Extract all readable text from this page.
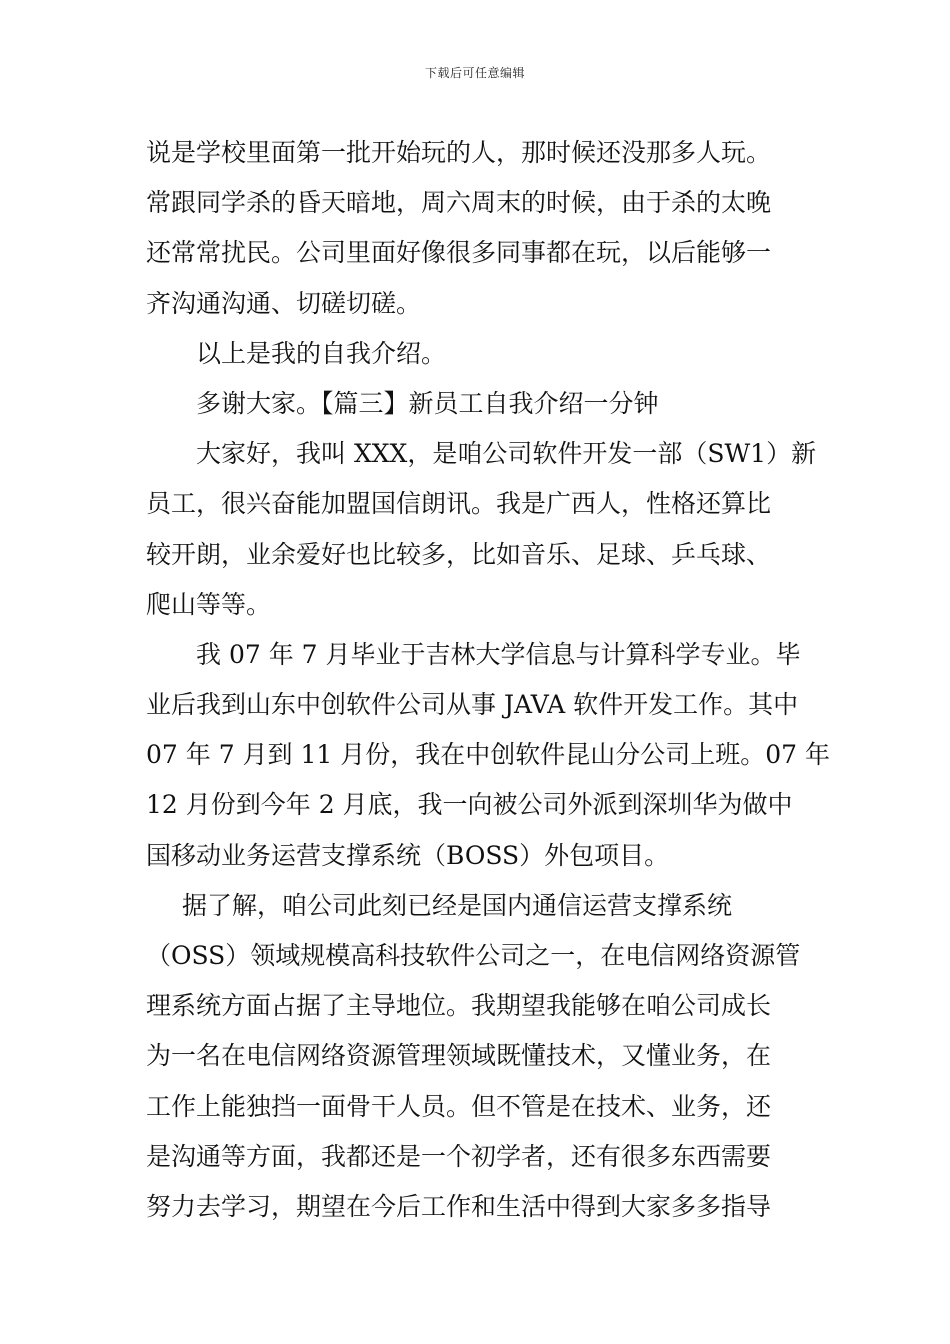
下载后可任意编辑
说是学校里面第一批开始玩的人，那时候还没那多人玩。
常跟同学杀的昏天暗地，周六周末的时候，由于杀的太晚
还常常扰民。公司里面好像很多同事都在玩，以后能够一
齐沟通沟通、切磋切磋。
以上是我的自我介绍。
多谢大家。【篇三】新员工自我介绍一分钟
大家好，我叫 XXX，是咱公司软件开发一部（SW1）新
员工，很兴奋能加盟国信朗讯。我是广西人，性格还算比
较开朗，业余爱好也比较多，比如音乐、足球、乒乓球、
爬山等等。
我 07 年 7 月毕业于吉林大学信息与计算科学专业。毕
业后我到山东中创软件公司从事 JAVA 软件开发工作。其中
07 年 7 月到 11 月份，我在中创软件昆山分公司上班。07 年
12 月份到今年 2 月底，我一向被公司外派到深圳华为做中
国移动业务运营支撑系统（BOSS）外包项目。
据了解，咱公司此刻已经是国内通信运营支撑系统
（OSS）领域规模高科技软件公司之一，在电信网络资源管
理系统方面占据了主导地位。我期望我能够在咱公司成长
为一名在电信网络资源管理领域既懂技术，又懂业务，在
工作上能独挡一面骨干人员。但不管是在技术、业务，还
是沟通等方面，我都还是一个初学者，还有很多东西需要
努力去学习，期望在今后工作和生活中得到大家多多指导
